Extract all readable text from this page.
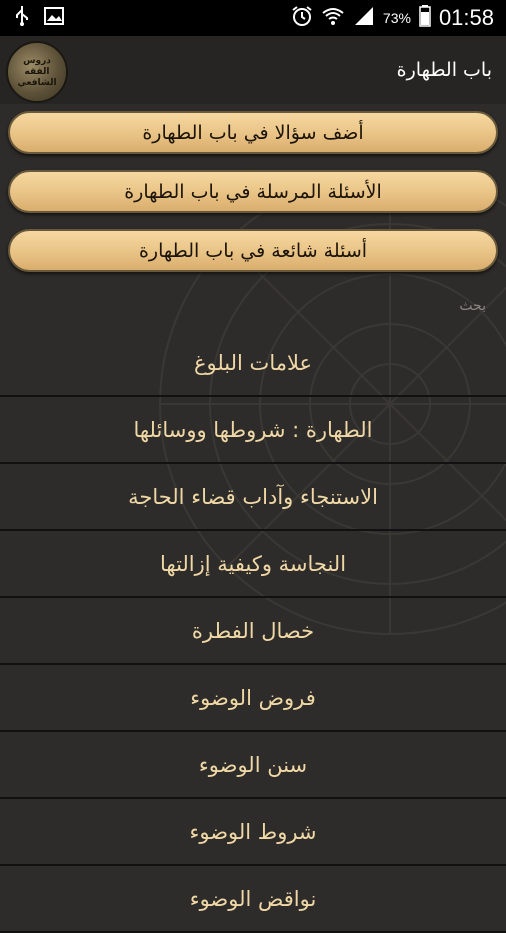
73% 01:58
دروس الفقه الشافعي
باب الطهارة
أضف سؤالا في باب الطهارة
الأسئلة المرسلة في باب الطهارة
أسئلة شائعة في باب الطهارة
بحث
علامات البلوغ
الطهارة : شروطها ووسائلها
الاستنجاء وآداب قضاء الحاجة
النجاسة وكيفية إزالتها
خصال الفطرة
فروض الوضوء
سنن الوضوء
شروط الوضوء
نواقض الوضوء
